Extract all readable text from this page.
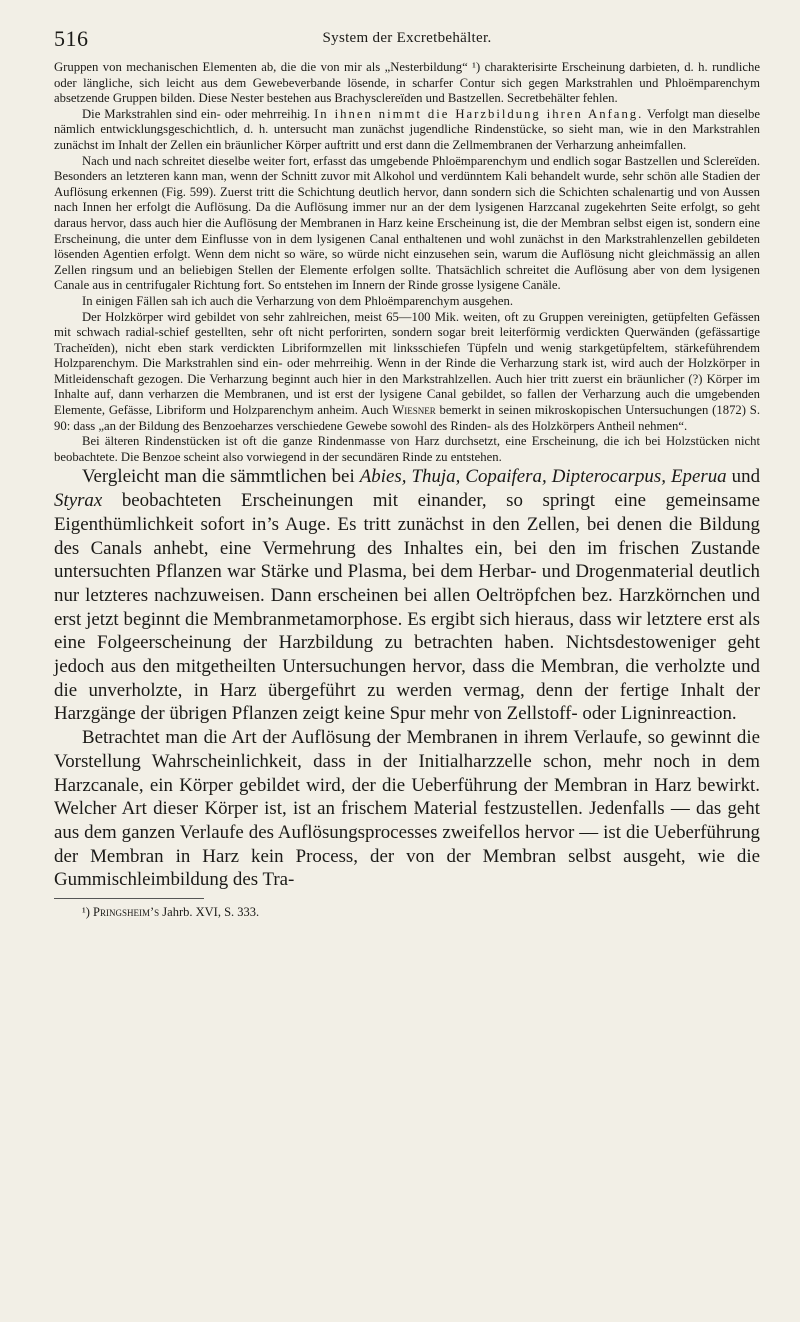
516	System der Excretbehälter.

Gruppen von mechanischen Elementen ab, die die von mir als „Nesterbildung“ ¹) charakterisirte Erscheinung darbieten, d. h. rundliche oder längliche, sich leicht aus dem Gewebeverbande lösende, in scharfer Contur sich gegen Markstrahlen und Phloëmparenchym absetzende Gruppen bilden. Diese Nester bestehen aus Brachysclereïden und Bastzellen. Secretbehälter fehlen.

Die Markstrahlen sind ein- oder mehrreihig. In ihnen nimmt die Harzbildung ihren Anfang. Verfolgt man dieselbe nämlich entwicklungsgeschichtlich, d. h. untersucht man zunächst jugendliche Rindenstücke, so sieht man, wie in den Markstrahlen zunächst im Inhalt der Zellen ein bräunlicher Körper auftritt und erst dann die Zellmembranen der Verharzung anheimfallen.

Nach und nach schreitet dieselbe weiter fort, erfasst das umgebende Phloëmparenchym und endlich sogar Bastzellen und Sclereïden. Besonders an letzteren kann man, wenn der Schnitt zuvor mit Alkohol und verdünntem Kali behandelt wurde, sehr schön alle Stadien der Auflösung erkennen (Fig. 599). Zuerst tritt die Schichtung deutlich hervor, dann sondern sich die Schichten schalenartig und von Aussen nach Innen her erfolgt die Auflösung. Da die Auflösung immer nur an der dem lysigenen Harzcanal zugekehrten Seite erfolgt, so geht daraus hervor, dass auch hier die Auflösung der Membranen in Harz keine Erscheinung ist, die der Membran selbst eigen ist, sondern eine Erscheinung, die unter dem Einflusse von in dem lysigenen Canal enthaltenen und wohl zunächst in den Markstrahlenzellen gebildeten lösenden Agentien erfolgt. Wenn dem nicht so wäre, so würde nicht einzusehen sein, warum die Auflösung nicht gleichmässig an allen Zellen ringsum und an beliebigen Stellen der Elemente erfolgen sollte. Thatsächlich schreitet die Auflösung aber von dem lysigenen Canale aus in centrifugaler Richtung fort. So entstehen im Innern der Rinde grosse lysigene Canäle.

In einigen Fällen sah ich auch die Verharzung von dem Phloëmparenchym ausgehen.

Der Holzkörper wird gebildet von sehr zahlreichen, meist 65—100 Mik. weiten, oft zu Gruppen vereinigten, getüpfelten Gefässen mit schwach radial-schief gestellten, sehr oft nicht perforirten, sondern sogar breit leiterförmig verdickten Querwänden (gefässartige Tracheïden), nicht eben stark verdickten Libriformzellen mit linksschiefen Tüpfeln und wenig starkgetüpfeltem, stärkeführendem Holzparenchym. Die Markstrahlen sind ein- oder mehrreihig. Wenn in der Rinde die Verharzung stark ist, wird auch der Holzkörper in Mitleidenschaft gezogen. Die Verharzung beginnt auch hier in den Markstrahlzellen. Auch hier tritt zuerst ein bräunlicher (?) Körper im Inhalte auf, dann verharzen die Membranen, und ist erst der lysigene Canal gebildet, so fallen der Verharzung auch die umgebenden Elemente, Gefässe, Libriform und Holzparenchym anheim. Auch Wiesner bemerkt in seinen mikroskopischen Untersuchungen (1872) S. 90: dass „an der Bildung des Benzoeharzes verschiedene Gewebe sowohl des Rinden- als des Holzkörpers Antheil nehmen“.

Bei älteren Rindenstücken ist oft die ganze Rindenmasse von Harz durchsetzt, eine Erscheinung, die ich bei Holzstücken nicht beobachtete. Die Benzoe scheint also vorwiegend in der secundären Rinde zu entstehen.

Vergleicht man die sämmtlichen bei Abies, Thuja, Copaifera, Dipterocarpus, Eperua und Styrax beobachteten Erscheinungen mit einander, so springt eine gemeinsame Eigenthümlichkeit sofort in’s Auge. Es tritt zunächst in den Zellen, bei denen die Bildung des Canals anhebt, eine Vermehrung des Inhaltes ein, bei den im frischen Zustande untersuchten Pflanzen war Stärke und Plasma, bei dem Herbar- und Drogenmaterial deutlich nur letzteres nachzuweisen. Dann erscheinen bei allen Oeltröpfchen bez. Harzkörnchen und erst jetzt beginnt die Membranmetamorphose. Es ergibt sich hieraus, dass wir letztere erst als eine Folgeerscheinung der Harzbildung zu betrachten haben. Nichtsdestoweniger geht jedoch aus den mitgetheilten Untersuchungen hervor, dass die Membran, die verholzte und die unverholzte, in Harz übergeführt zu werden vermag, denn der fertige Inhalt der Harzgänge der übrigen Pflanzen zeigt keine Spur mehr von Zellstoff- oder Ligninreaction.

Betrachtet man die Art der Auflösung der Membranen in ihrem Verlaufe, so gewinnt die Vorstellung Wahrscheinlichkeit, dass in der Initialharzzelle schon, mehr noch in dem Harzcanale, ein Körper gebildet wird, der die Ueberführung der Membran in Harz bewirkt. Welcher Art dieser Körper ist, ist an frischem Material festzustellen. Jedenfalls — das geht aus dem ganzen Verlaufe des Auflösungsprocesses zweifellos hervor — ist die Ueberführung der Membran in Harz kein Process, der von der Membran selbst ausgeht, wie die Gummischleimbildung des Tra-

¹) Pringsheim’s Jahrb. XVI, S. 333.
